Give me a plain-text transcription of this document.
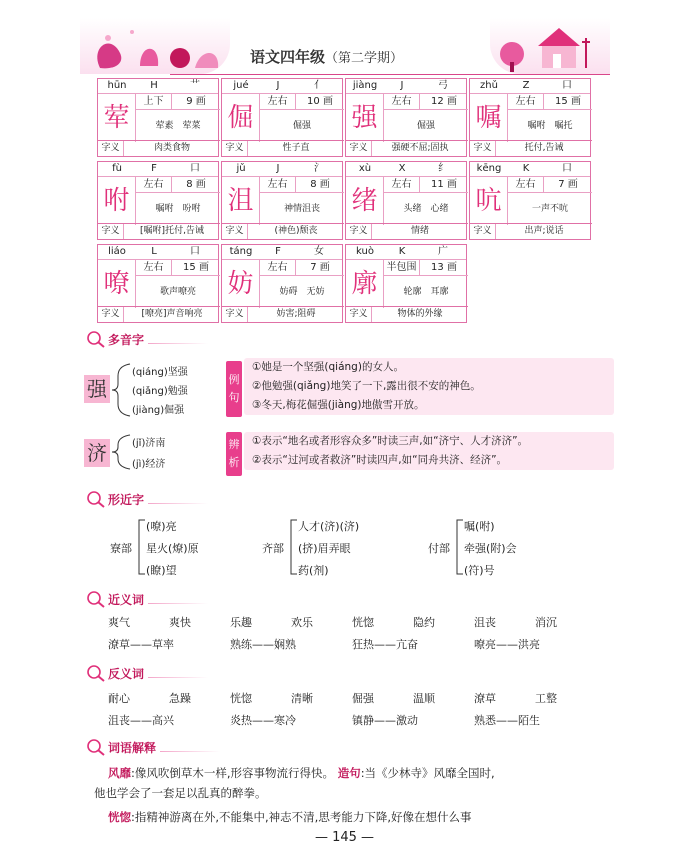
语文四年级（第二学期）
hūn	H	艹
荤
上下	9 画
荤素　荤菜
字义	肉类食物
jué	J	亻
倔
左右	10 画
倔强
字义	性子直
jiàng	J	弓
强
左右	12 画
倔强
字义	强硬不屈;固执
zhǔ	Z	口
嘱
左右	15 画
嘱咐　嘱托
字义	托付,告诫
fù	F	口
咐
左右	8 画
嘱咐　吩咐
字义	[嘱咐]托付,告诫
jǔ	J	氵
沮
左右	8 画
神情沮丧
字义	(神色)颓丧
xù	X	纟
绪
左右	11 画
头绪　心绪
字义	情绪
kēng	K	口
吭
左右	7 画
一声不吭
字义	出声;说话
liáo	L	口
嘹
左右	15 画
歌声嘹亮
字义	[嘹亮]声音响亮
táng	F	女
妨
左右	7 画
妨碍　无妨
字义	妨害;阻碍
kuò	K	广
廓
半包围	13 画
轮廓　耳廓
字义	物体的外缘
多音字
强
(qiáng)坚强
(qiǎng)勉强
(jiàng)倔强
例
句
①她是一个坚强(qiáng)的女人。
②他勉强(qiǎng)地笑了一下,露出很不安的神色。
③冬天,梅花倔强(jiàng)地傲雪开放。
济	(jǐ)济南
(jì)经济
辨
析
①表示“地名或者形容众多”时读三声,如“济宁、人才济济”。
②表示“过河或者救济”时读四声,如“同舟共济、经济”。
形近字
寮部
(嘹)亮
星火(燎)原
(瞭)望
齐部
人才(济)(济)
(挤)眉弄眼
药(剂)
付部
嘱(咐)
牵强(附)会
(符)号
近义词
爽气	爽快	乐趣	欢乐	恍惚	隐约	沮丧	消沉
潦草——草率	熟练——娴熟	狂热——亢奋	嘹亮——洪亮
反义词
耐心	急躁	恍惚	清晰	倔强	温顺	潦草	工整
沮丧——高兴	炎热——寒冷	镇静——激动	熟悉——陌生
词语解释
风靡:像风吹倒草木一样,形容事物流行得快。 造句:当《少林寺》风靡全国时,
他也学会了一套足以乱真的醉拳。
恍惚:指精神游离在外,不能集中,神志不清,思考能力下降,好像在想什么事
— 145 —
